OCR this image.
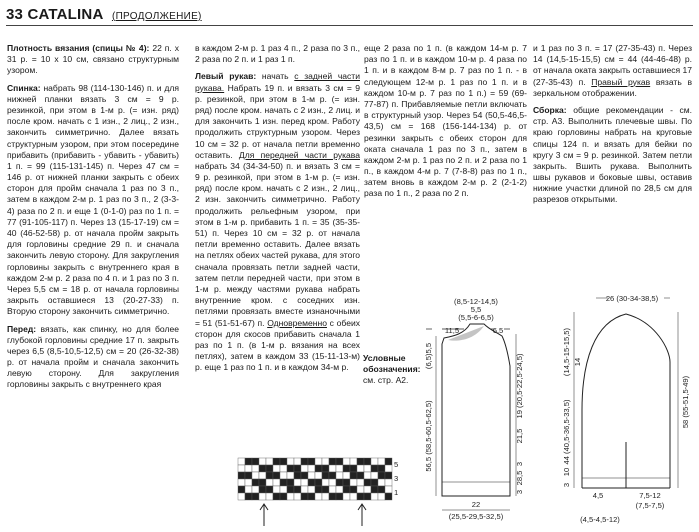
33 CATALINA (ПРОДОЛЖЕНИЕ)

Плотность вязания (спицы № 4): 22 п. x 31 р. = 10 x 10 см, связано структурным узором.

Спинка: набрать 98 (114-130-146) п. и для нижней планки вязать 3 см = 9 р. резинкой, при этом в 1-м р. (= изн. ряд) после кром. начать с 1 изн., 2 лиц., 2 изн., закончить симметрично. Далее вязать структурным узором, при этом посередине прибавить (прибавить - убавить - убавить) 1 п. = 99 (115-131-145) п. Через 47 см = 146 р. от нижней планки закрыть с обеих сторон для пройм сначала 1 раз по 3 п., затем в каждом 2-м р. 1 раз по 3 п., 2 (3-3-4) раза по 2 п. и еще 1 (0-1-0) раз по 1 п. = 77 (91-105-117) п. Через 13 (15-17-19) см = 40 (46-52-58) р. от начала пройм закрыть для горловины средние 29 п. и сначала закончить левую сторону. Для закругления горловины закрыть с внутреннего края в каждом 2-м р. 2 раза по 4 п. и 1 раз по 3 п. Через 5,5 см = 18 р. от начала горловины закрыть оставшиеся 13 (20-27-33) п. Вторую сторону закончить симметрично.

Перед: вязать, как спинку, но для более глубокой горловины средние 17 п. закрыть через 6,5 (8,5-10,5-12,5) см = 20 (26-32-38) р. от начала пройм и сначала закончить левую сторону. Для закругления горловины закрыть с внутреннего края

в каждом 2-м р. 1 раз 4 п., 2 раза по 3 п., 2 раза по 2 п. и 1 раз 1 п.

Левый рукав: начать с задней части рукава. Набрать 19 п. и вязать 3 см = 9 р. резинкой, при этом в 1-м р. (= изн. ряд) после кром. начать с 2 изн., 2 лиц. и для закончить 1 изн. перед кром. Работу продолжить структурным узором. Через 10 см = 32 р. от начала петли временно оставить. Для передней части рукава набрать 34 (34-34-50) п. и вязать 3 см = 9 р. резинкой, при этом в 1-м р. (= изн. ряд) после кром. начать с 2 изн., 2 лиц., 2 изн. закончить симметрично. Работу продолжить рельефным узором, при этом в 1-м р. прибавить 1 п. = 35 (35-35-51) п. Через 10 см = 32 р. от начала петли временно оставить. Далее вязать на петлях обеих частей рукава, для этого сначала провязать петли задней части, затем петли передней части, при этом в 1-м р. между частями рукава набрать внутренние кром. с соседних изн. петлями провязать вместе изнаночными = 51 (51-51-67) п. Одновременно с обеих сторон для скосов прибавить сначала 1 раз по 1 п. (в 1-м р. вязания на всех петлях), затем в каждом 33 (15-11-13-м) р. еще 1 раз по 1 п. и в каждом 34-м р.

еще 2 раза по 1 п. (в каждом 14-м р. 7 раз по 1 п. и в каждом 10-м р. 4 раза по 1 п. и в каждом 8-м р. 7 раз по 1 п. - в следующем 12-м р. 1 раз по 1 п. и в каждом 10-м р. 7 раз по 1 п.) = 59 (69-77-87) п. Прибавляемые петли включать в структурный узор. Через 54 (50,5-46,5-43,5) см = 168 (156-144-134) р. от резинки закрыть с обеих сторон для оката сначала 1 раз по 3 п., затем в каждом 2-м р. 1 раз по 2 п. и 2 раза по 1 п., в каждом 4-м р. 7 (7-8-8) раз по 1 п., затем вновь в каждом 2-м р. 2 (2-1-2) раза по 1 п., 2 раза по 2 п.

и 1 раз по 3 п. = 17 (27-35-43) п. Через 14 (14,5-15-15,5) см = 44 (44-46-48) р. от начала оката закрыть оставшиеся 17 (27-35-43) п. Правый рукав вязать в зеркальном отображении.

Сборка: общие рекомендации - см. стр. А3. Выполнить плечевые швы. По краю горловины набрать на круговые спицы 124 п. и вязать для бейки по кругу 3 см = 9 р. резинкой. Затем петли закрыть. Вшить рукава. Выполнить швы рукавов и боковые швы, оставив нижние участки длиной по 28,5 см для разрезов открытыми.

Условные обозначения:
см. стр. А2.
(8,5-12-14,5)
5,5
(5,5-6-6,5)
11,5	6,5
(6,5)5,5	19 (20,5-22,5-24,5)
21,5
3
56,5 (58,5-60,5-62,5)
28,5
3
22
(25,5-29,5-32,5)
26 (30-34-38,5)
(14,5-15-15,5) 14
44 (40,5-36,5-33,5)	58 (55-51,5-49)
10
3
4,5
(4,5-4,5-12)
7,5-12
(7,5-7,5)
5
3
1
